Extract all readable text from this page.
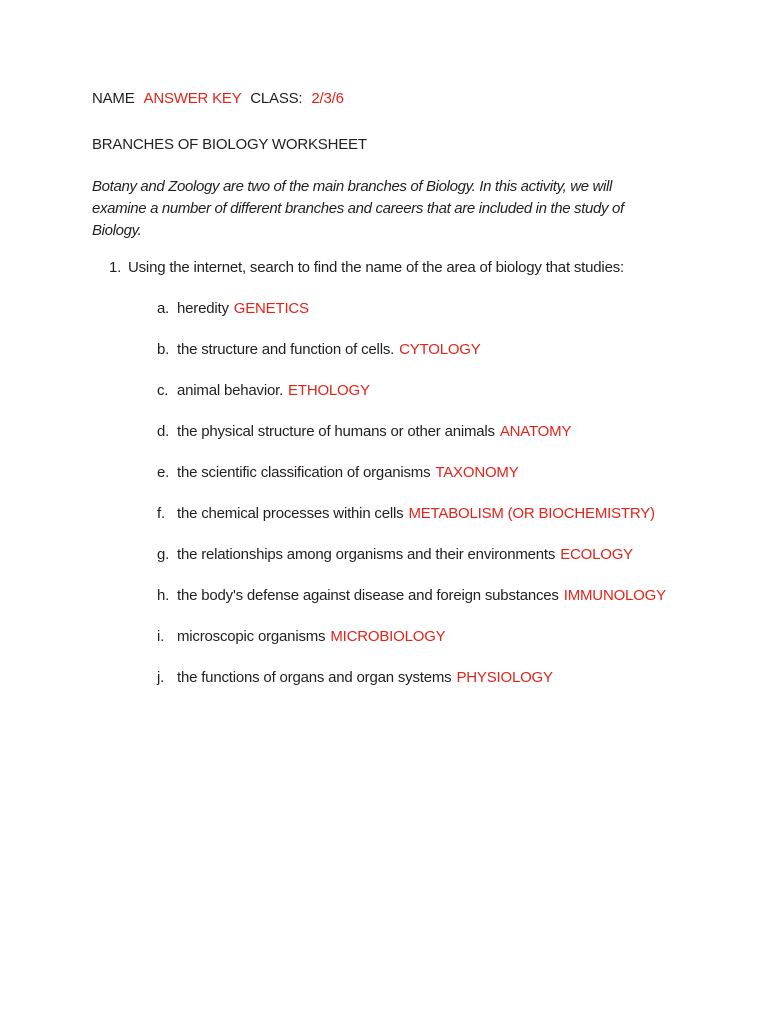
NAME ANSWER KEY CLASS: 2/3/6

BRANCHES OF BIOLOGY WORKSHEET

Botany and Zoology are two of the main branches of Biology. In this activity, we will
examine a number of different branches and careers that are included in the study of
Biology.
1. Using the internet, search to find the name of the area of biology that studies:
a. heredity GENETICS
b. the structure and function of cells. CYTOLOGY
c. animal behavior. ETHOLOGY
d. the physical structure of humans or other animals ANATOMY
e. the scientific classification of organisms TAXONOMY
f. the chemical processes within cells METABOLISM (OR BIOCHEMISTRY)
g. the relationships among organisms and their environments ECOLOGY
h. the body's defense against disease and foreign substances IMMUNOLOGY
i. microscopic organisms MICROBIOLOGY
j. the functions of organs and organ systems PHYSIOLOGY
